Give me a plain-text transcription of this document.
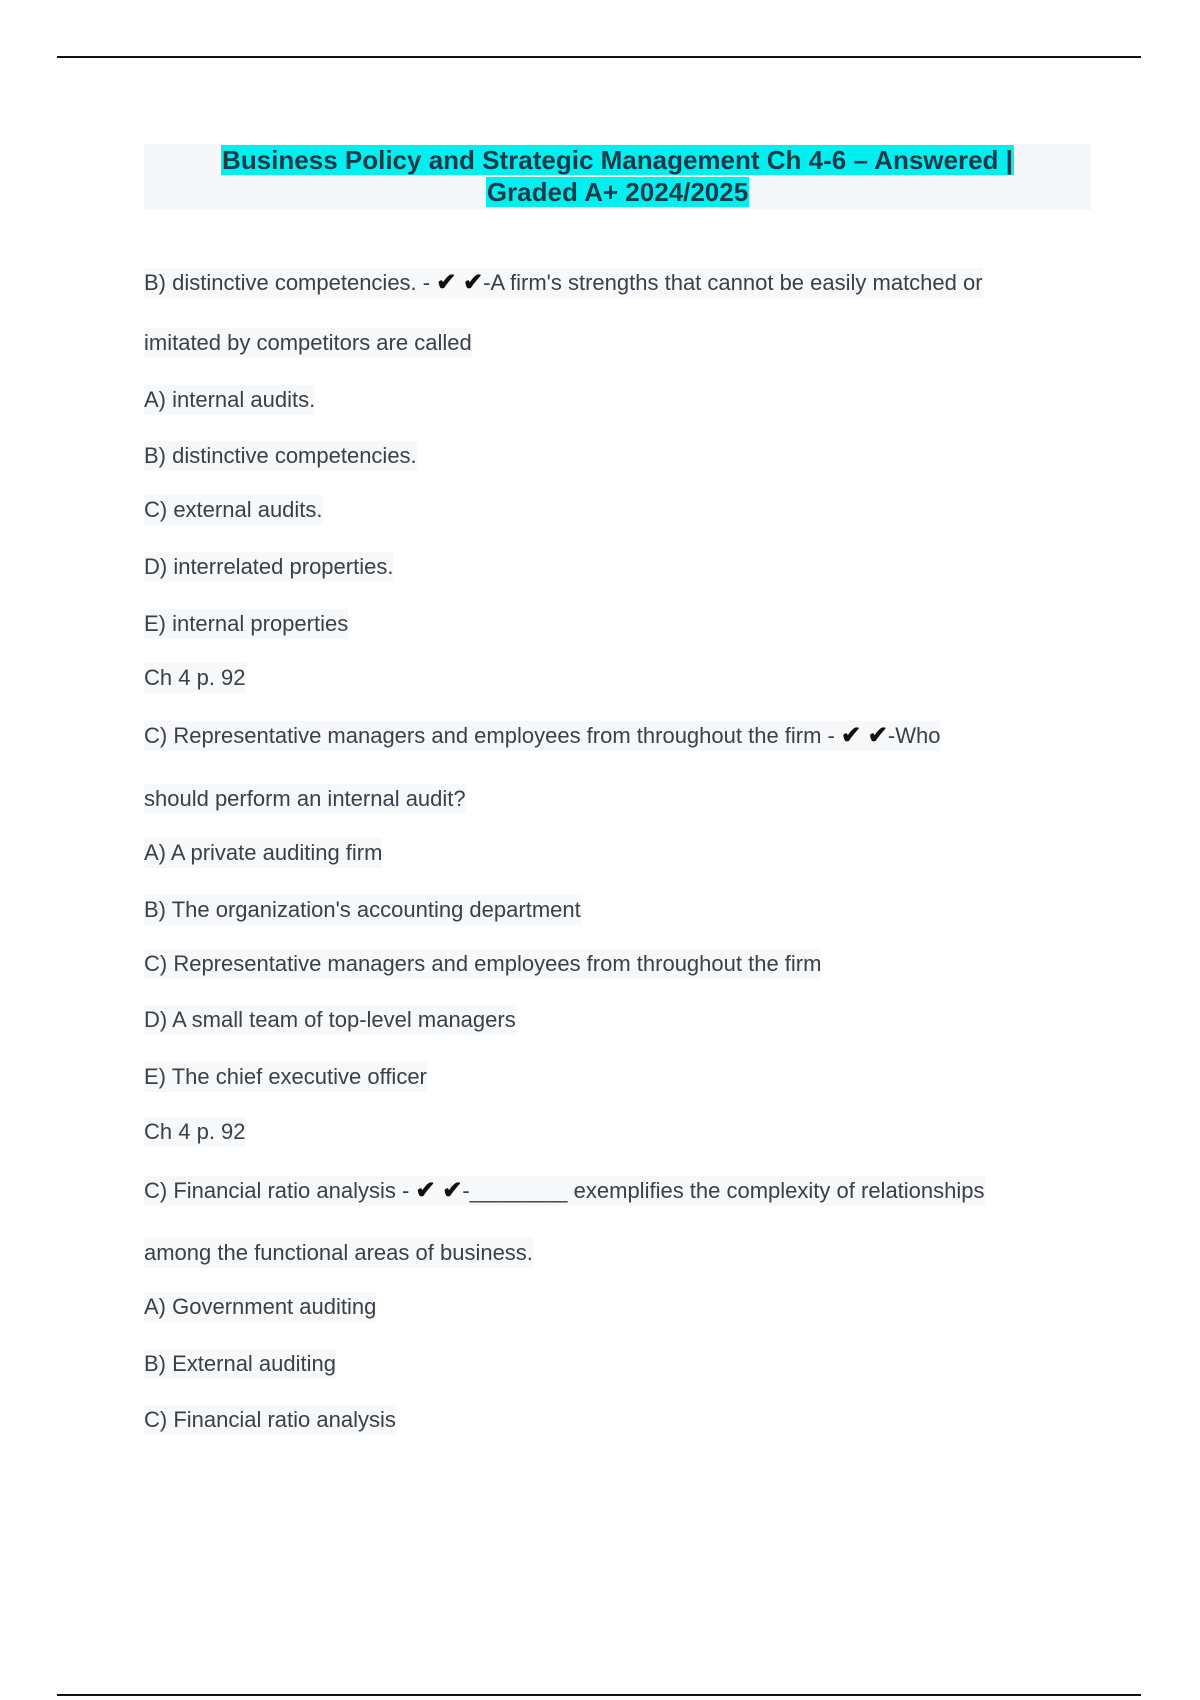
Business Policy and Strategic Management Ch 4-6 – Answered |
Graded A+ 2024/2025
B) distinctive competencies. - ✔ ✔-A firm's strengths that cannot be easily matched or
imitated by competitors are called
A) internal audits.
B) distinctive competencies.
C) external audits.
D) interrelated properties.
E) internal properties
Ch 4 p. 92
C) Representative managers and employees from throughout the firm - ✔ ✔-Who
should perform an internal audit?
A) A private auditing firm
B) The organization's accounting department
C) Representative managers and employees from throughout the firm
D) A small team of top-level managers
E) The chief executive officer
Ch 4 p. 92
C) Financial ratio analysis - ✔ ✔-________ exemplifies the complexity of relationships
among the functional areas of business.
A) Government auditing
B) External auditing
C) Financial ratio analysis
